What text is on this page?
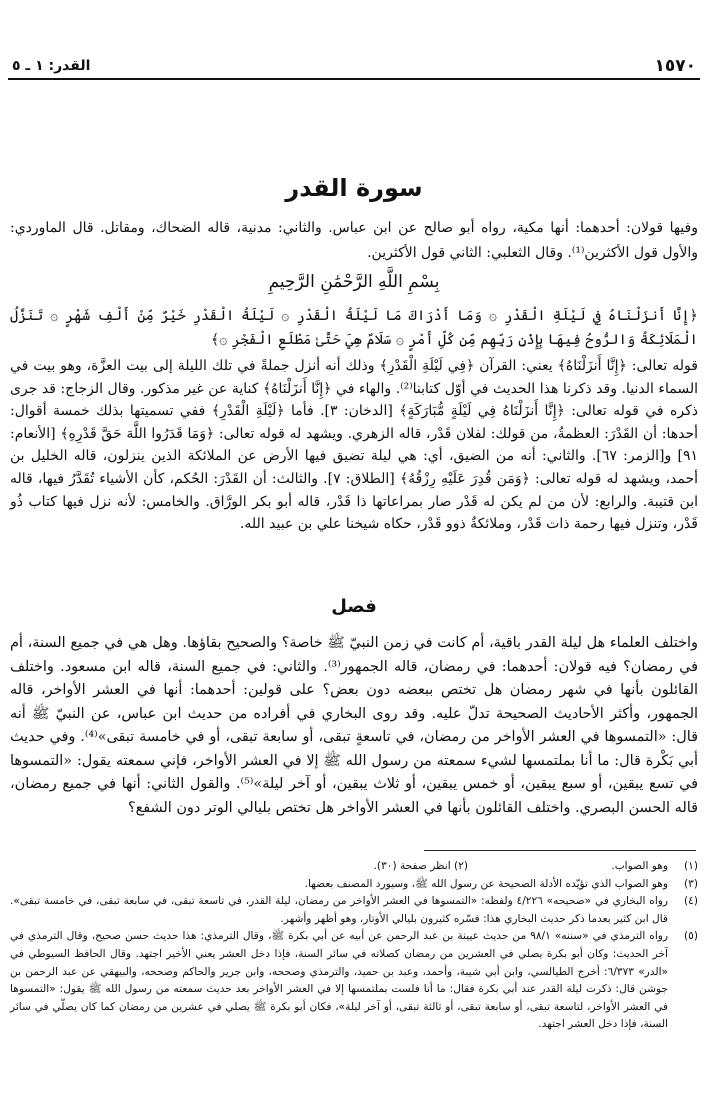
١٥٧٠
القدر: ١ ـ ٥
سورة القدر
وفيها قولان: أحدهما: أنها مكية، رواه أبو صالح عن ابن عباس. والثاني: مدنية، قاله الضحاك، ومقاتل. قال الماوردي: والأول قول الأكثرين⁽¹⁾. وقال الثعلبي: الثاني قول الأكثرين.
بِسْمِ اللَّهِ الرَّحْمَٰنِ الرَّحِيمِ
﴿إِنَّا أَنزَلْنَاهُ فِي لَيْلَةِ الْقَدْرِ ۞ وَمَا أَدْرَاكَ مَا لَيْلَةُ الْقَدْرِ ۞ لَيْلَةُ الْقَدْرِ خَيْرٌ مِّنْ أَلْفِ شَهْرٍ ۞ تَنَزَّلُ الْمَلَائِكَةُ وَالرُّوحُ فِيهَا بِإِذْنِ رَبِّهِم مِّن كُلِّ أَمْرٍ ۞ سَلَامٌ هِيَ حَتَّىٰ مَطْلَعِ الْفَجْرِ ۞﴾
قوله تعالى: ﴿إِنَّا أَنزَلْنَاهُ﴾ يعني: القرآن ﴿فِي لَيْلَةِ الْقَدْرِ﴾ وذلك أنه أنزل جملةً في تلك الليلة إلى بيت العزَّة، وهو بيت في السماء الدنيا. وقد ذكرنا هذا الحديث في أوّل كتابنا⁽²⁾. والهاء في ﴿إِنَّا أَنزَلْنَاهُ﴾ كناية عن غير مذكور. وقال الزجاج: قد جرى ذكره في قوله تعالى: ﴿إِنَّا أَنزَلْنَاهُ فِي لَيْلَةٍ مُّبَارَكَةٍ﴾ [الدخان: ٣]. فأما ﴿لَيْلَةِ الْقَدْرِ﴾ ففي تسميتها بذلك خمسة أقوال: أحدها: أن القَدْرَ: العظمةُ، من قولك: لفلان قَدْر، قاله الزهري. ويشهد له قوله تعالى: ﴿وَمَا قَدَرُوا اللَّهَ حَقَّ قَدْرِهِ﴾ [الأنعام: ٩١] و[الزمر: ٦٧]. والثاني: أنه من الضيق، أي: هي ليلة تضيق فيها الأرض عن الملائكة الذين ينزلون، قاله الخليل بن أحمد، ويشهد له قوله تعالى: ﴿وَمَن قُدِرَ عَلَيْهِ رِزْقُهُ﴾ [الطلاق: ٧]. والثالث: أن القَدْرَ: الحُكم، كأن الأشياء تُقَدَّرُ فيها، قاله ابن قتيبة. والرابع: لأن من لم يكن له قَدْر صار بمراعاتها ذا قَدْر، قاله أبو بكر الورَّاق. والخامس: لأنه نزل فيها كتاب ذُو قَدْر، وتنزل فيها رحمة ذات قَدْر، وملائكةٌ ذوو قَدْر، حكاه شيخنا علي بن عبيد الله.
فصل
واختلف العلماء هل ليلة القدر باقية، أم كانت في زمن النبيّ ﷺ خاصة؟ والصحيح بقاؤها. وهل هي في جميع السنة، أم في رمضان؟ فيه قولان: أحدهما: في رمضان، قاله الجمهور⁽³⁾. والثاني: في جميع السنة، قاله ابن مسعود. واختلف القائلون بأنها في شهر رمضان هل تختص ببعضه دون بعض؟ على قولين: أحدهما: أنها في العشر الأواخر، قاله الجمهور، وأكثر الأحاديث الصحيحة تدلّ عليه. وقد روى البخاري في أفراده من حديث ابن عباس، عن النبيّ ﷺ أنه قال: «التمسوها في العشر الأواخر من رمضان، في تاسعةٍ تبقى، أو سابعة تبقى، أو في خامسة تبقى»⁽⁴⁾. وفي حديث أبي بَكْرة قال: ما أنا بملتمسها لشيء سمعته من رسول الله ﷺ إلا في العشر الأواخر، فإني سمعته يقول: «التمسوها في تسع يبقين، أو سبع يبقين، أو خمس يبقين، أو ثلاث يبقين، أو آخر ليلة»⁽⁵⁾. والقول الثاني: أنها في جميع رمضان، قاله الحسن البصري. واختلف القائلون بأنها في العشر الأواخر هل تختص بليالي الوتر دون الشفع؟
(١)
وهو الصواب.
(٢) انظر صفحة (٣٠).
(٣)
وهو الصواب الذي تؤيّده الأدلة الصحيحة عن رسول الله ﷺ، وسيورد المصنف بعضها.
(٤)
رواه البخاري في «صحيحه» ٤/٢٢٦ ولفظه: «التمسوها في العشر الأواخر من رمضان، ليلة القدر، في تاسعة تبقى، في سابعة تبقى، في خامسة تبقى». قال ابن كثير بعدما ذكر حديث البخاري هذا: فسّره كثيرون بليالي الأوتار، وهو أظهر وأشهر.
(٥)
رواه الترمذي في «سننه» ٩٨/١ من حديث عيينة بن عبد الرحمن عن أبيه عن أبي بكرة ﷺ، وقال الترمذي: هذا حديث حسن صحيح، وقال الترمذي في آخر الحديث: وكان أبو بكرة يصلي في العشرين من رمضان كصلاته في سائر السنة، فإذا دخل العشر يعني الأخير اجتهد. وقال الحافظ السيوطي في «الدر» ٦/٣٧٣: أخرج الطيالسي، وابن أبي شيبة، وأحمد، وعبد بن حميد، والترمذي وصححه، وابن جرير والحاكم وصححه، والبيهقي عن عبد الرحمن بن جوشن قال: ذكرت ليلة القدر عند أبي بكرة فقال: ما أنا فلست بملتمسها إلا في العشر الأواخر بعد حديث سمعته من رسول الله ﷺ يقول: «التمسوها في العشر الأواخر، لتاسعة تبقى، أو سابعة تبقى، أو ثالثة تبقى، أو آخر ليلة»، فكان أبو بكرة ﷺ يصلي في عشرين من رمضان كما كان يصلّي في سائر السنة، فإذا دخل العشر اجتهد.
